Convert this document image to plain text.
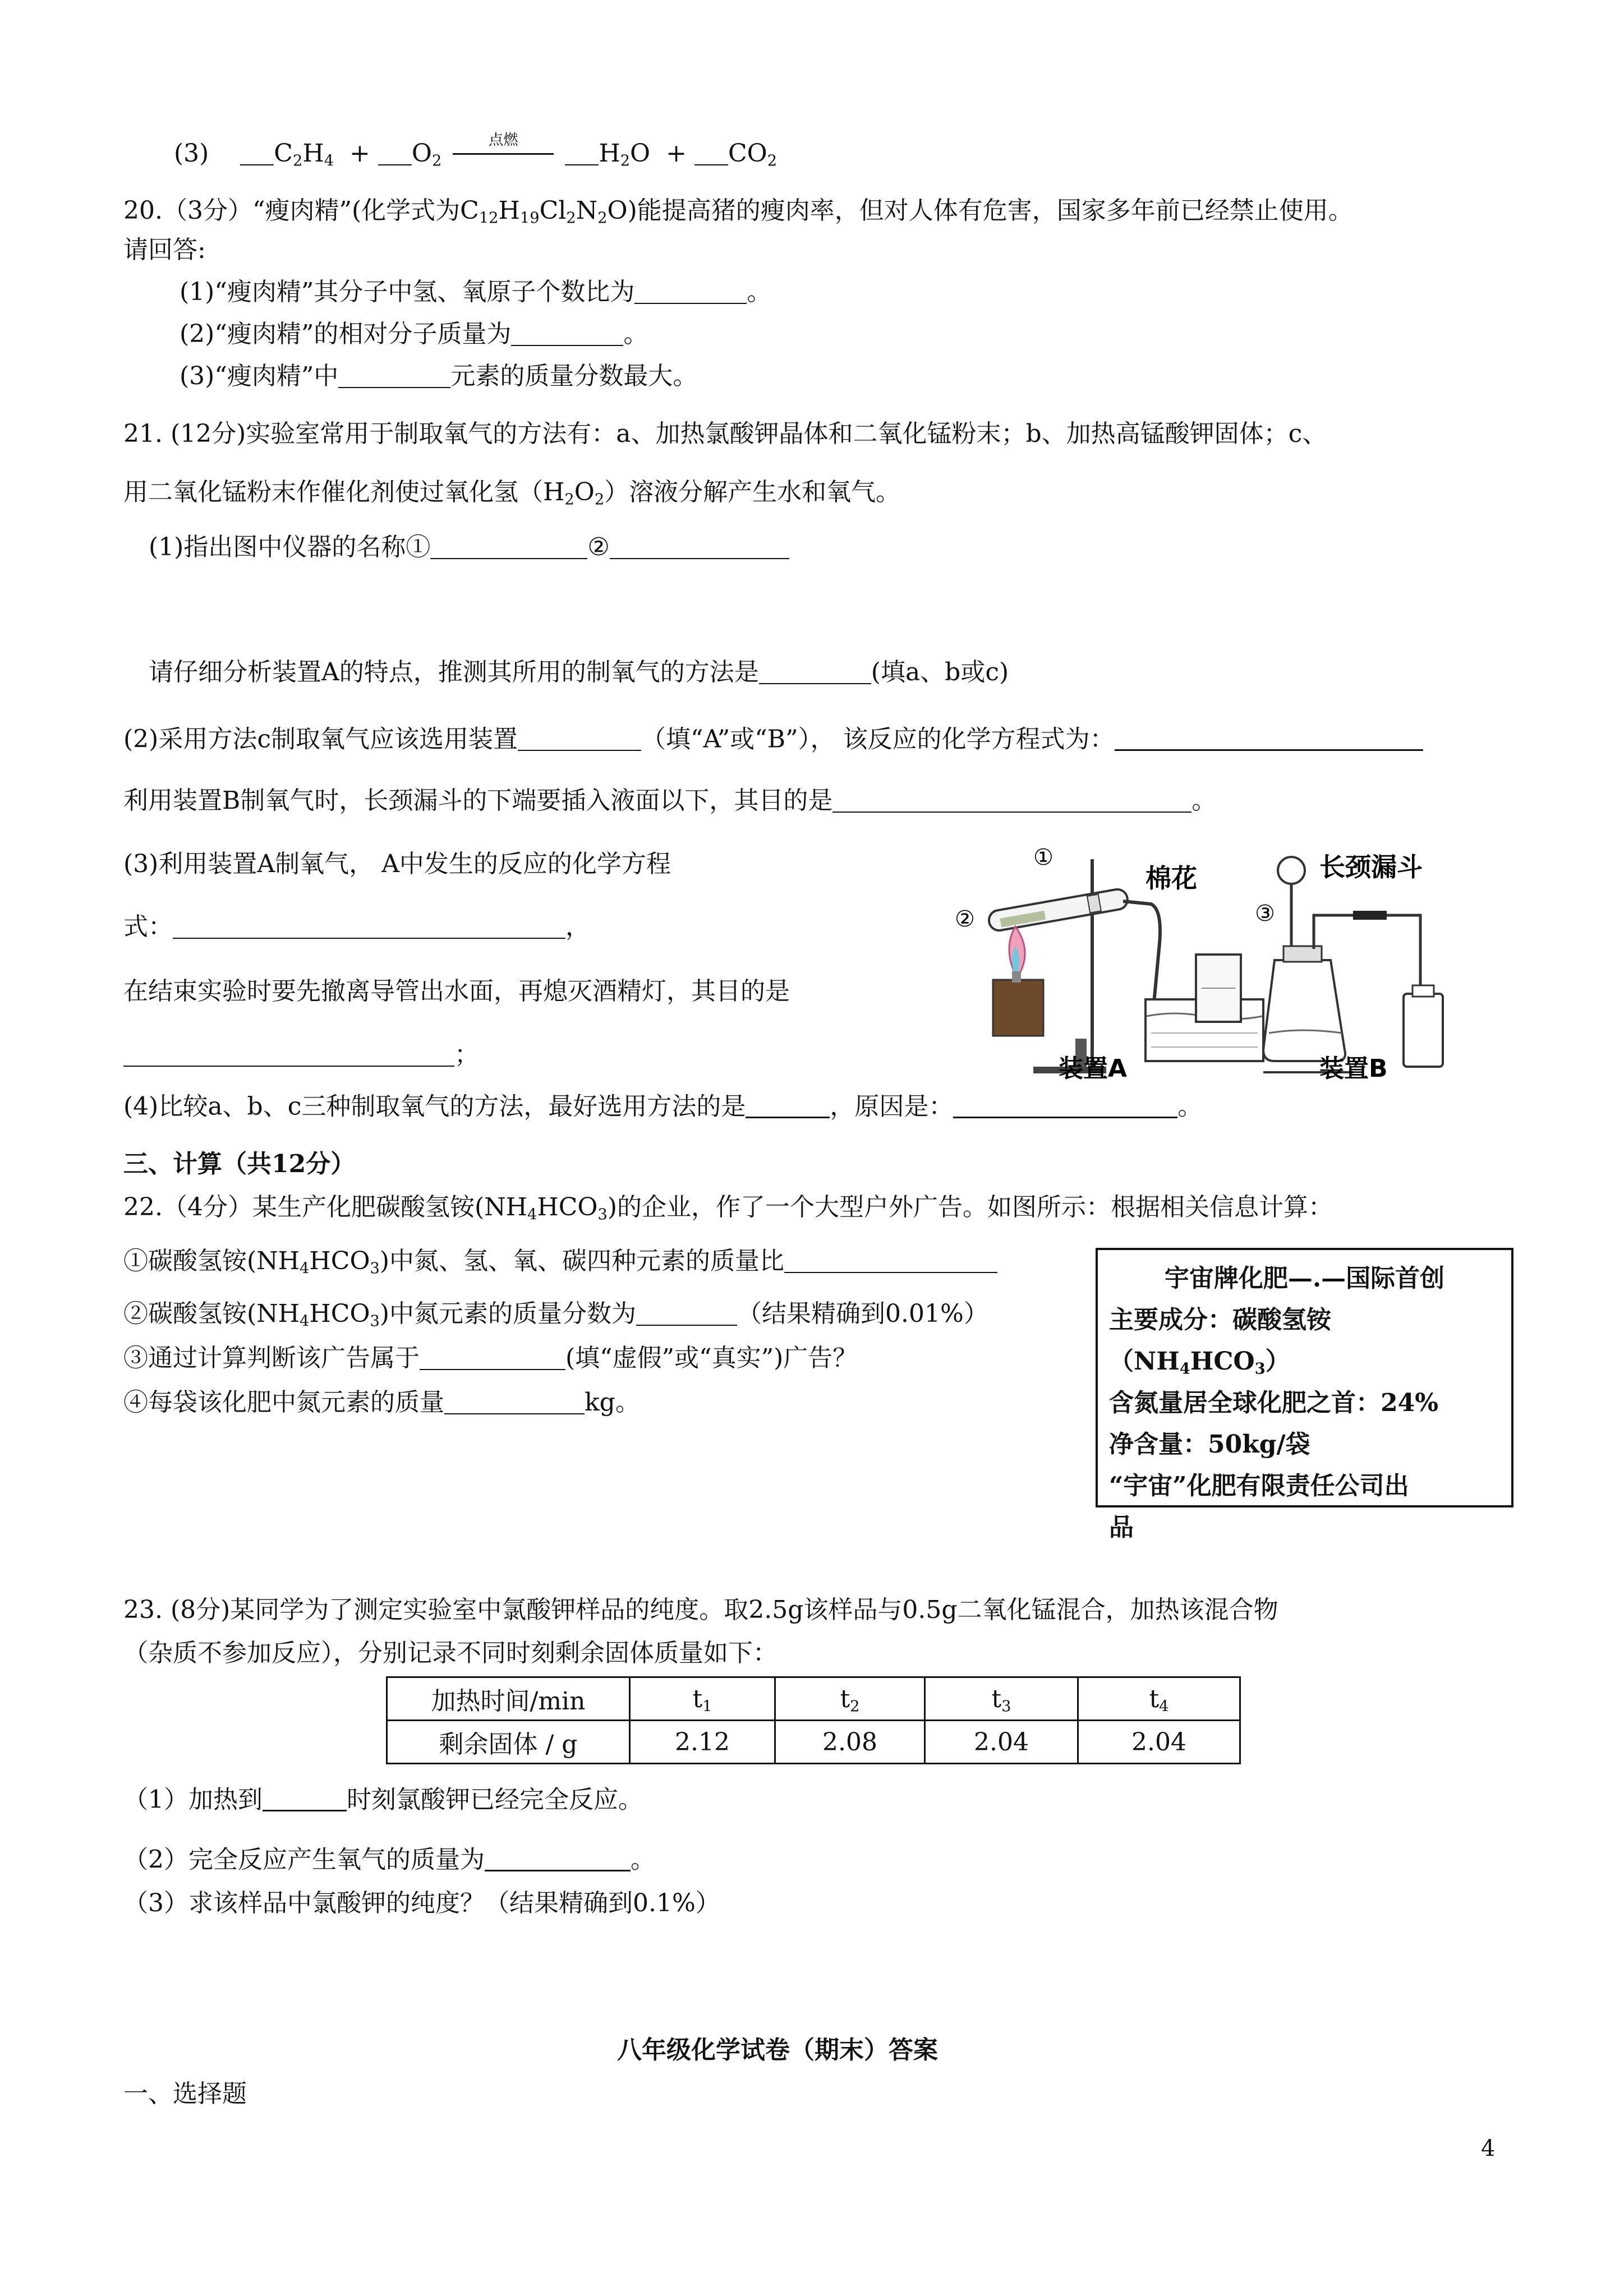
(3)	$C_2H_4 + O_2$
点燃	$H_2O + CO_2$
20.（3分）“瘦肉精”(化学式为$C_{12}H_{19}Cl_2N_2O$)能提高猪的瘦肉率，但对人体有危害，国家多年前已经禁止使用。
请回答:
(1)“瘦肉精”其分子中氢、氧原子个数比为	。
(2)“瘦肉精”的相对分子质量为	。
(3)“瘦肉精”中	元素的质量分数最大。
21. (12分)实验室常用于制取氧气的方法有：a、加热氯酸钾晶体和二氧化锰粉末；b、加热高锰酸钾固体；c、
用二氧化锰粉末作催化剂使过氧化氢$(H_2O_2)$溶液分解产生水和氧气。
(1)指出图中仪器的名称①	②
请仔细分析装置A的特点，推测其所用的制氧气的方法是	(填a、b或c)
(2)采用方法c制取氧气应该选用装置	（填“A”或“B”）， 该反应的化学方程式为：
利用装置B制氧气时，长颈漏斗的下端要插入液面以下，其目的是	。
(3)利用装置A制氧气， A中发生的反应的化学方程
式：	，
在结束实验时要先撤离导管出水面，再熄灭酒精灯，其目的是
；
(4)比较a、b、c三种制取氧气的方法，最好选用方法的是	，原因是：	。
①
②	③
棉花	长颈漏斗
装置A	装置B
三、计算（共12分）
22.（4分）某生产化肥碳酸氢铵$(NH_4HCO_3)$的企业，作了一个大型户外广告。如图所示：根据相关信息计算：
①碳酸氢铵$(NH_4HCO_3)$中氮、氢、氧、碳四种元素的质量比
②碳酸氢铵$(NH_4HCO_3)$中氮元素的质量分数为	（结果精确到0.01%）
③通过计算判断该广告属于	(填“虚假”或“真实”)广告？
④每袋该化肥中氮元素的质量	kg。
宇宙牌化肥—.—国际首创
主要成分：碳酸氢铵$(NH_4HCO_3)$
含氮量居全球化肥之首：24%
净含量：50kg/袋
“宇宙”化肥有限责任公司出
品
23. (8分)某同学为了测定实验室中氯酸钾样品的纯度。取2.5g该样品与0.5g二氧化锰混合，加热该混合物
（杂质不参加反应），分别记录不同时刻剩余固体质量如下：
加热时间/min	$t_1$	$t_2$	$t_3$	$t_4$
剩余固体 / g	2.12	2.08	2.04	2.04
（1）加热到	时刻氯酸钾已经完全反应。
（2）完全反应产生氧气的质量为	。
（3）求该样品中氯酸钾的纯度？（结果精确到0.1%）
八年级化学试卷（期末）答案
一、选择题
4
